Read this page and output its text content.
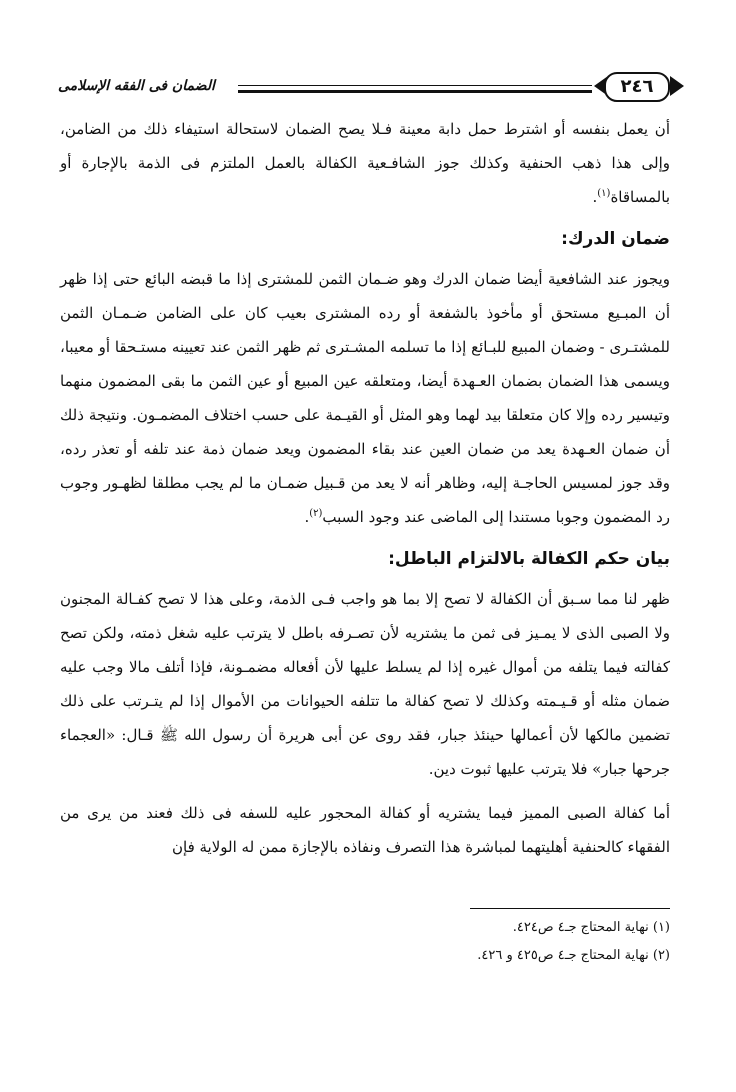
الضمان فى الفقه الإسلامى	٢٤٦

أن يعمل بنفسه أو اشترط حمل دابة معينة فـلا يصح الضمان لاستحالة استيفاء ذلك من الضامن، وإلى هذا ذهب الحنفية وكذلك جوز الشافـعية الكفالة بالعمل الملتزم فى الذمة بالإجارة أو بالمساقاة$^{(١)}$.

ضمان الدرك:

ويجوز عند الشافعية أيضا ضمان الدرك وهو ضـمان الثمن للمشترى إذا ما قبضه البائع حتى إذا ظهر أن المبـيع مستحق أو مأخوذ بالشفعة أو رده المشترى بعيب كان على الضامن ضـمـان الثمن للمشتـرى - وضمان المبيع للبـائع إذا ما تسلمه المشـترى ثم ظهر الثمن عند تعيينه مستـحقا أو معيبا، ويسمى هذا الضمان بضمان العـهدة أيضا، ومتعلقه عين المبيع أو عين الثمن ما بقى المضمون منهما وتيسير رده وإلا كان متعلقا بيد لهما وهو المثل أو القيـمة على حسب اختلاف المضمـون. ونتيجة ذلك أن ضمان العـهدة يعد من ضمان العين عند بقاء المضمون ويعد ضمان ذمة عند تلفه أو تعذر رده، وقد جوز لمسيس الحاجـة إليه، وظاهر أنه لا يعد من قـبيل ضمـان ما لم يجب مطلقا لظهـور وجوب رد المضمون وجوبا مستندا إلى الماضى عند وجود السبب$^{(٢)}$.

بيان حكم الكفالة بالالتزام الباطل:

ظهر لنا مما سـبق أن الكفالة لا تصح إلا بما هو واجب فـى الذمة، وعلى هذا لا تصح كفـالة المجنون ولا الصبى الذى لا يمـيز فى ثمن ما يشتريه لأن تصـرفه باطل لا يترتب عليه شغل ذمته، ولكن تصح كفالته فيما يتلفه من أموال غيره إذا لم يسلط عليها لأن أفعاله مضمـونة، فإذا أتلف مالا وجب عليه ضمان مثله أو قـيـمته وكذلك لا تصح كفالة ما تتلفه الحيوانات من الأموال إذا لم يتـرتب على ذلك تضمين مالكها لأن أعمالها حينئذ جبار، فقد روى عن أبى هريرة أن رسول الله ﷺ قـال: «العجماء جرحها جبار» فلا يترتب عليها ثبوت دين.

أما كفالة الصبى المميز فيما يشتريه أو كفالة المحجور عليه للسفه فى ذلك فعند من يرى من الفقهاء كالحنفية أهليتهما لمباشرة هذا التصرف ونفاذه بالإجازة ممن له الولاية فإن

(١) نهاية المحتاج جـ٤ ص٤٢٤.
(٢) نهاية المحتاج جـ٤ ص٤٢٥ و ٤٢٦.
